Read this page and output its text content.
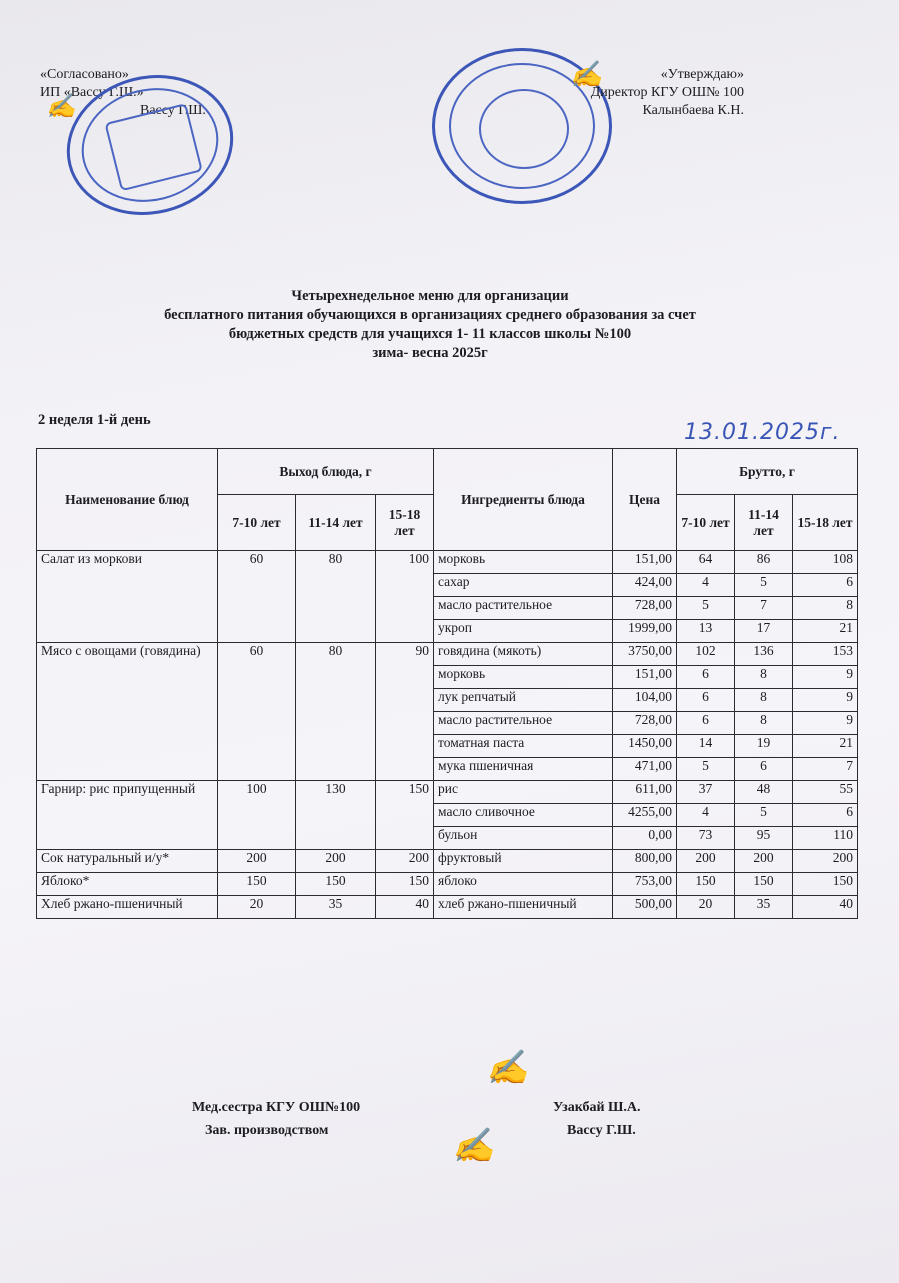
«Согласовано»
ИП «Вассу Г.Ш.»
Вассу Г.Ш.
✍
✍	«Утверждаю»
Директор КГУ ОШ№ 100
Калынбаева К.Н.
Четырехнедельное меню для организации
бесплатного питания обучающихся в организациях среднего образования за счет
бюджетных средств для учащихся 1- 11 классов школы №100
зима- весна 2025г
2 неделя 1-й день	13.01.2025г.
Наименование блюд	Выход блюда, г			Ингредиенты блюда	Цена	Брутто, г		
	7-10 лет	11-14 лет	15-18 лет			7-10 лет	11-14 лет	15-18 лет
Салат из моркови	60	80	100	морковь	151,00	64	86	108
				сахар	424,00	4	5	6
				масло растительное	728,00	5	7	8
				укроп	1999,00	13	17	21
Мясо с овощами (говядина)	60	80	90	говядина (мякоть)	3750,00	102	136	153
				морковь	151,00	6	8	9
				лук репчатый	104,00	6	8	9
				масло растительное	728,00	6	8	9
				томатная паста	1450,00	14	19	21
				мука пшеничная	471,00	5	6	7
Гарнир: рис припущенный	100	130	150	рис	611,00	37	48	55
				масло сливочное	4255,00	4	5	6
				бульон	0,00	73	95	110
Сок натуральный и/у*	200	200	200	фруктовый	800,00	200	200	200
Яблоко*	150	150	150	яблоко	753,00	150	150	150
Хлеб ржано-пшеничный	20	35	40	хлеб ржано-пшеничный	500,00	20	35	40
Мед.сестра КГУ ОШ№100
Зав. производством
Узакбай Ш.А.
Вассу Г.Ш.
✍
✍
